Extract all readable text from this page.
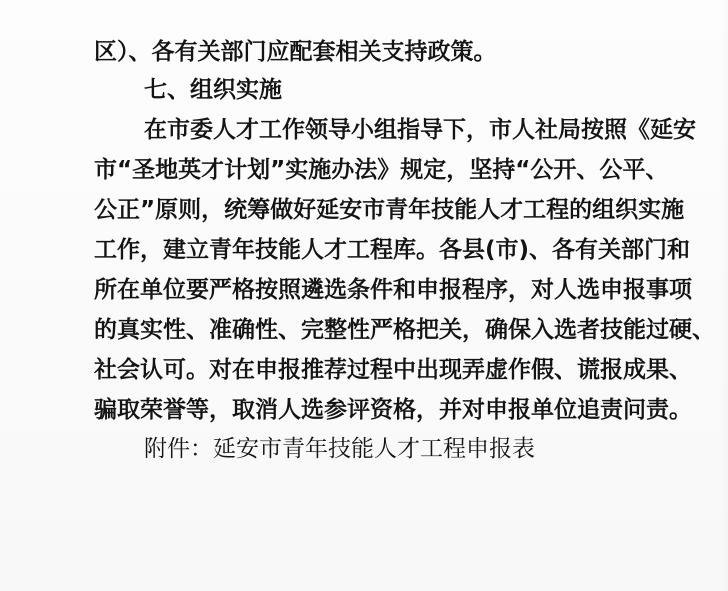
区）、各有关部门应配套相关支持政策。
七、组织实施
在市委人才工作领导小组指导下，市人社局按照《延安
市“圣地英才计划”实施办法》规定，坚持“公开、公平、
公正”原则，统筹做好延安市青年技能人才工程的组织实施
工作，建立青年技能人才工程库。各县(市)、各有关部门和
所在单位要严格按照遴选条件和申报程序，对人选申报事项
的真实性、准确性、完整性严格把关，确保入选者技能过硬、
社会认可。对在申报推荐过程中出现弄虚作假、谎报成果、
骗取荣誉等，取消人选参评资格，并对申报单位追责问责。
附件：延安市青年技能人才工程申报表
